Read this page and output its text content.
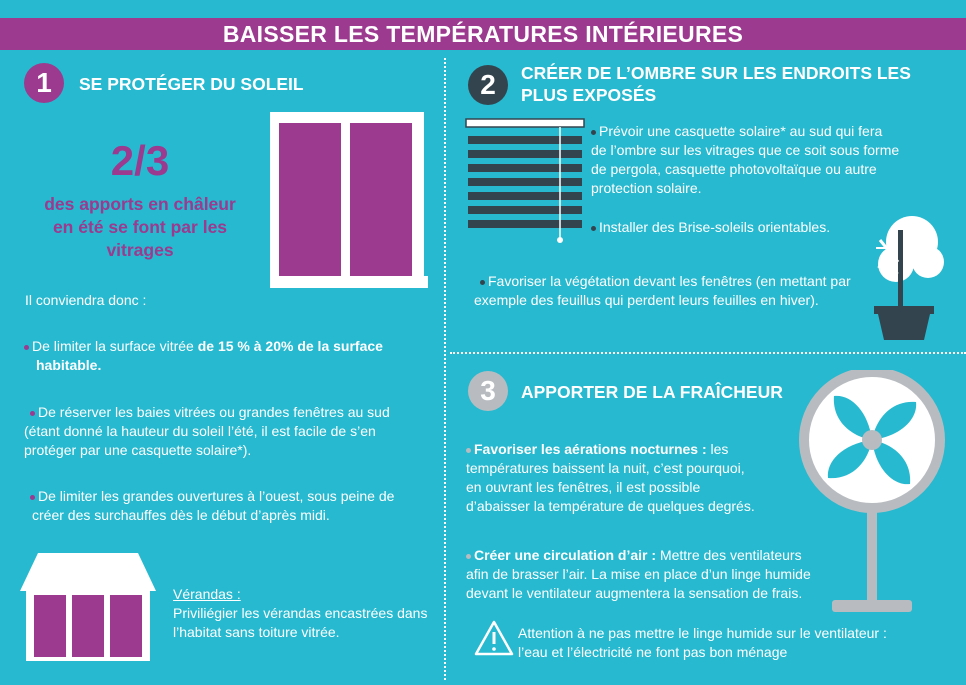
BAISSER LES TEMPÉRATURES INTÉRIEURES
1	SE PROTÉGER DU SOLEIL
2/3
des apports en châleur
en été se font par les
vitrages
Il conviendra donc :
De limiter la surface vitrée de 15 % à 20% de la surface
habitable.
De réserver les baies vitrées ou grandes fenêtres au sud
(étant donné la hauteur du soleil l’été, il est facile de s’en
protéger par une casquette solaire*).
De limiter les grandes ouvertures à l’ouest, sous peine de
créer des surchauffes dès le début d’après midi.
Vérandas :
Priviliégier les vérandas encastrées dans
l’habitat sans toiture vitrée.
2	CRÉER DE L’OMBRE SUR LES ENDROITS LES
PLUS EXPOSÉS
Prévoir une casquette solaire* au sud qui fera
de l’ombre sur les vitrages que ce soit sous forme
de pergola, casquette photovoltaïque ou autre
protection solaire.
Installer des Brise-soleils orientables.
Favoriser la végétation devant les fenêtres (en mettant par
exemple des feuillus qui perdent leurs feuilles en hiver).
3	APPORTER DE LA FRAÎCHEUR
Favoriser les aérations nocturnes : les
températures baissent la nuit, c’est pourquoi,
en ouvrant les fenêtres, il est possible
d’abaisser la température de quelques degrés.
Créer une circulation d’air : Mettre des ventilateurs
afin de brasser l’air. La mise en place d’un linge humide
devant le ventilateur augmentera la sensation de frais.
Attention à ne pas mettre le linge humide sur le ventilateur :
l’eau et l’électricité ne font pas bon ménage
